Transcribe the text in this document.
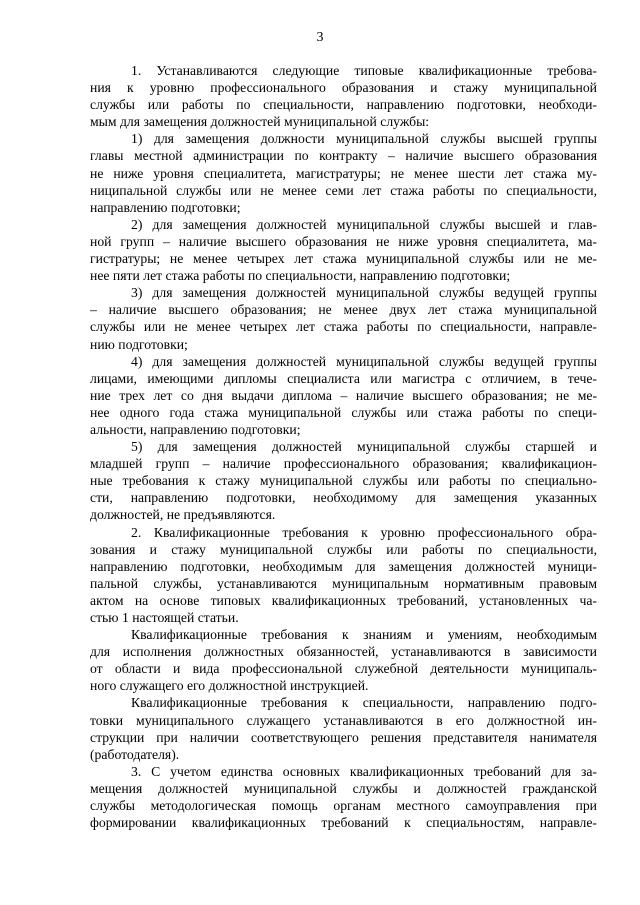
3
1. Устанавливаются следующие типовые квалификационные требова-
ния к уровню профессионального образования и стажу муниципальной
службы или работы по специальности, направлению подготовки, необходи-
мым для замещения должностей муниципальной службы:
1) для замещения должности муниципальной службы высшей группы
главы местной администрации по контракту – наличие высшего образования
не ниже уровня специалитета, магистратуры; не менее шести лет стажа му-
ниципальной службы или не менее семи лет стажа работы по специальности,
направлению подготовки;
2) для замещения должностей муниципальной службы высшей и глав-
ной групп – наличие высшего образования не ниже уровня специалитета, ма-
гистратуры; не менее четырех лет стажа муниципальной службы или не ме-
нее пяти лет стажа работы по специальности, направлению подготовки;
3) для замещения должностей муниципальной службы ведущей группы
– наличие высшего образования; не менее двух лет стажа муниципальной
службы или не менее четырех лет стажа работы по специальности, направле-
нию подготовки;
4) для замещения должностей муниципальной службы ведущей группы
лицами, имеющими дипломы специалиста или магистра с отличием, в тече-
ние трех лет со дня выдачи диплома – наличие высшего образования; не ме-
нее одного года стажа муниципальной службы или стажа работы по специ-
альности, направлению подготовки;
5) для замещения должностей муниципальной службы старшей и
младшей групп – наличие профессионального образования; квалификацион-
ные требования к стажу муниципальной службы или работы по специально-
сти, направлению подготовки, необходимому для замещения указанных
должностей, не предъявляются.
2. Квалификационные требования к уровню профессионального обра-
зования и стажу муниципальной службы или работы по специальности,
направлению подготовки, необходимым для замещения должностей муници-
пальной службы, устанавливаются муниципальным нормативным правовым
актом на основе типовых квалификационных требований, установленных ча-
стью 1 настоящей статьи.
Квалификационные требования к знаниям и умениям, необходимым
для исполнения должностных обязанностей, устанавливаются в зависимости
от области и вида профессиональной служебной деятельности муниципаль-
ного служащего его должностной инструкцией.
Квалификационные требования к специальности, направлению подго-
товки муниципального служащего устанавливаются в его должностной ин-
струкции при наличии соответствующего решения представителя нанимателя
(работодателя).
3. С учетом единства основных квалификационных требований для за-
мещения должностей муниципальной службы и должностей гражданской
службы методологическая помощь органам местного самоуправления при
формировании квалификационных требований к специальностям, направле-
